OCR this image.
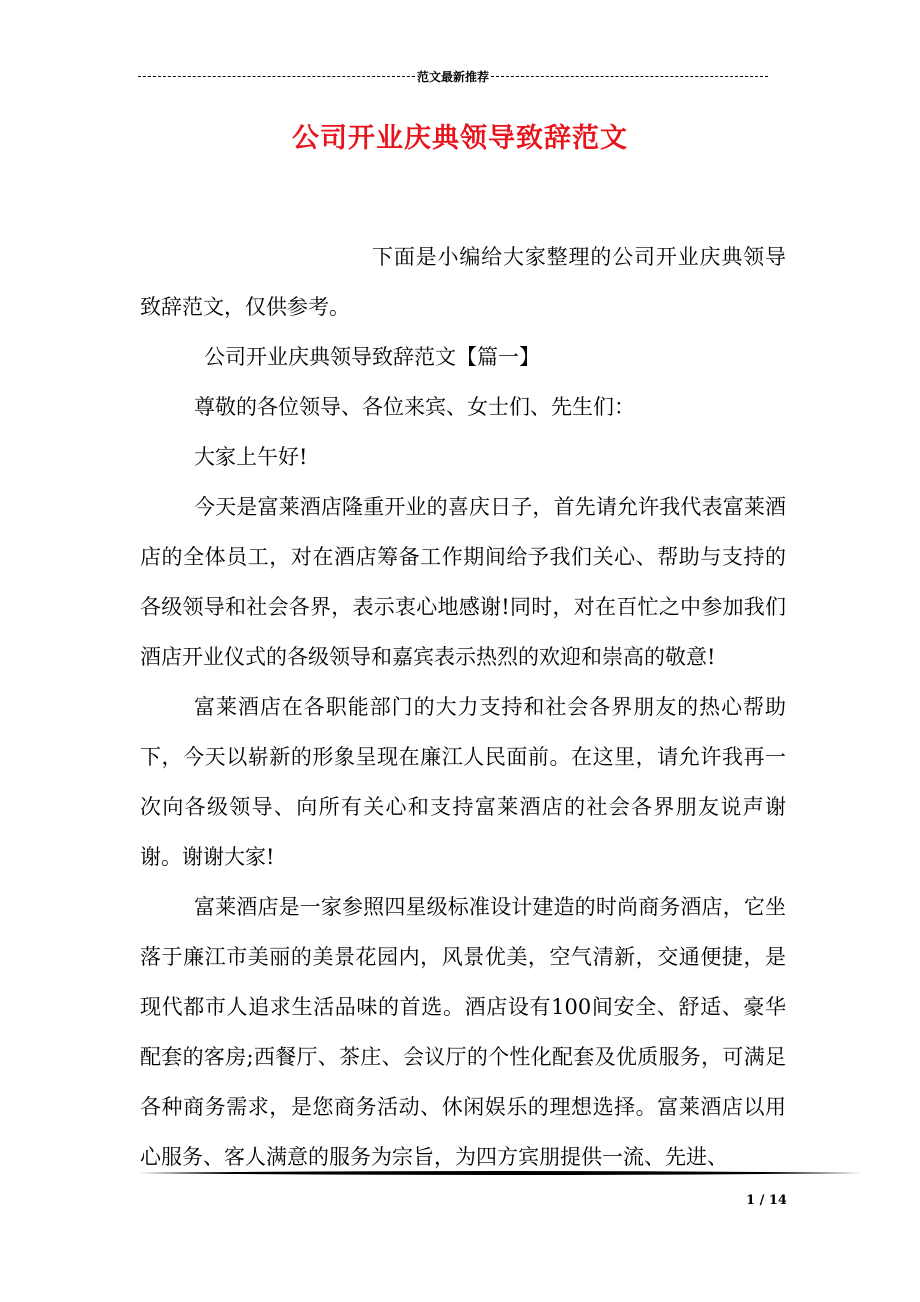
范文最新推荐
公司开业庆典领导致辞范文

下面是小编给大家整理的公司开业庆典领导致辞范文，仅供参考。

公司开业庆典领导致辞范文【篇一】

尊敬的各位领导、各位来宾、女士们、先生们：

大家上午好!

今天是富莱酒店隆重开业的喜庆日子，首先请允许我代表富莱酒店的全体员工，对在酒店筹备工作期间给予我们关心、帮助与支持的各级领导和社会各界，表示衷心地感谢!同时，对在百忙之中参加我们酒店开业仪式的各级领导和嘉宾表示热烈的欢迎和崇高的敬意!

富莱酒店在各职能部门的大力支持和社会各界朋友的热心帮助下，今天以崭新的形象呈现在廉江人民面前。在这里，请允许我再一次向各级领导、向所有关心和支持富莱酒店的社会各界朋友说声谢谢。谢谢大家!

富莱酒店是一家参照四星级标准设计建造的时尚商务酒店，它坐落于廉江市美丽的美景花园内，风景优美，空气清新，交通便捷，是现代都市人追求生活品味的首选。酒店设有100间安全、舒适、豪华配套的客房;西餐厅、茶庄、会议厅的个性化配套及优质服务，可满足各种商务需求，是您商务活动、休闲娱乐的理想选择。富莱酒店以用心服务、客人满意的服务为宗旨，为四方宾朋提供一流、先进、

1 / 14
